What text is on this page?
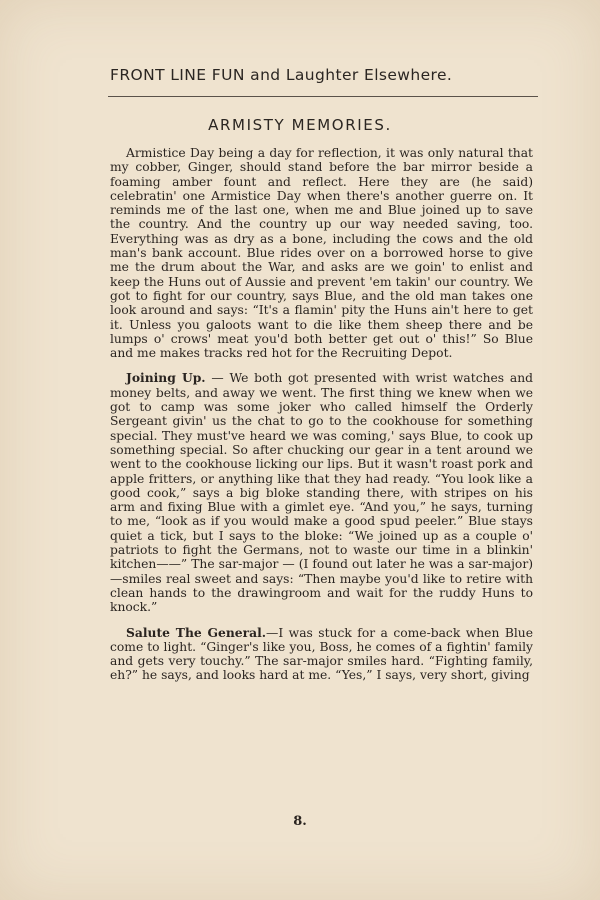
FRONT LINE FUN and Laughter Elsewhere.
ARMISTY MEMORIES.

Armistice Day being a day for reflection, it was only natural that my cobber, Ginger, should stand before the bar mirror beside a foaming amber fount and reflect. Here they are (he said) celebratin' one Armistice Day when there's another guerre on. It reminds me of the last one, when me and Blue joined up to save the country. And the country up our way needed saving, too. Everything was as dry as a bone, including the cows and the old man's bank account. Blue rides over on a borrowed horse to give me the drum about the War, and asks are we goin' to enlist and keep the Huns out of Aussie and prevent 'em takin' our country. We got to fight for our country, says Blue, and the old man takes one look around and says: “It's a flamin' pity the Huns ain't here to get it. Unless you galoots want to die like them sheep there and be lumps o' crows' meat you'd both better get out o' this!” So Blue and me makes tracks red hot for the Recruiting Depot.

Joining Up. — We both got presented with wrist watches and money belts, and away we went. The first thing we knew when we got to camp was some joker who called himself the Orderly Sergeant givin' us the chat to go to the cookhouse for something special. They must've heard we was coming,' says Blue, to cook up something special. So after chucking our gear in a tent around we went to the cookhouse licking our lips. But it wasn't roast pork and apple fritters, or anything like that they had ready. “You look like a good cook,” says a big bloke standing there, with stripes on his arm and fixing Blue with a gimlet eye. “And you,” he says, turning to me, “look as if you would make a good spud peeler.” Blue stays quiet a tick, but I says to the bloke: “We joined up as a couple o' patriots to fight the Germans, not to waste our time in a blinkin' kitchen——” The sar-major — (I found out later he was a sar-major) —smiles real sweet and says: “Then maybe you'd like to retire with clean hands to the drawingroom and wait for the ruddy Huns to knock.”

Salute The General.—I was stuck for a come-back when Blue come to light. “Ginger's like you, Boss, he comes of a fightin' family and gets very touchy.” The sar-major smiles hard. “Fighting family, eh?” he says, and looks hard at me. “Yes,” I says, very short, giving

8.
